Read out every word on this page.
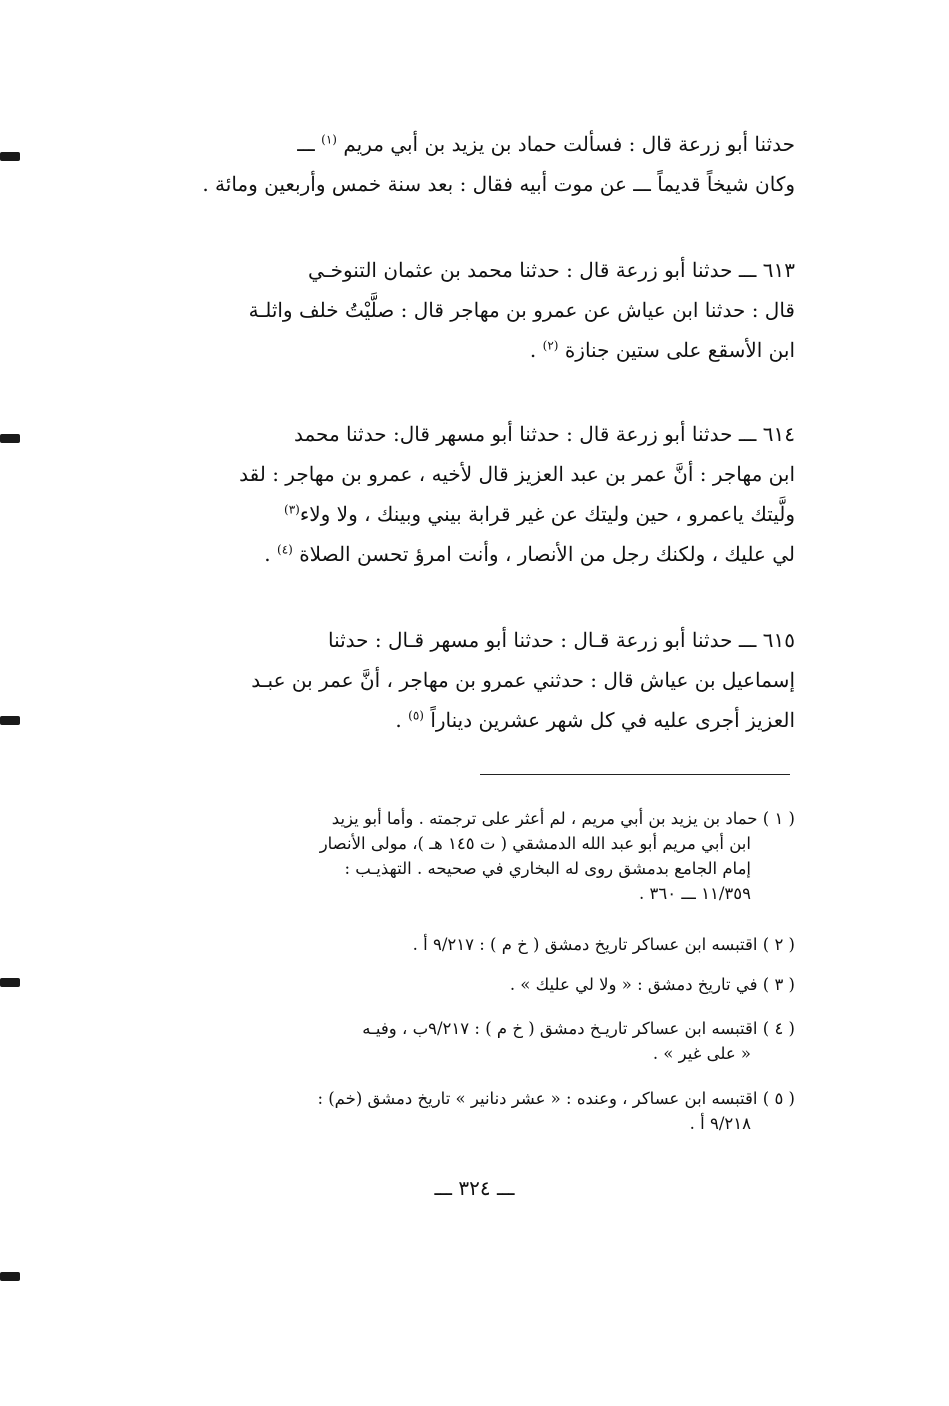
حدثنا أبو زرعة قال : فسألت حماد بن يزيد بن أبي مريم $^{(١)}$ ـــ
وكان شيخاً قديماً ـــ عن موت أبيه فقال : بعد سنة خمس وأربعين ومائة .
٦١٣ ـــ حدثنا أبو زرعة قال : حدثنا محمد بن عثمان التنوخـي
قال : حدثنا ابن عياش عن عمرو بن مهاجر قال : صلَّيْتُ خلف واثلـة
ابن الأسقع على ستين جنازة $^{(٢)}$ .
٦١٤ ـــ حدثنا أبو زرعة قال : حدثنا أبو مسهر قال: حدثنا محمد
ابن مهاجر : أنَّ عمر بن عبد العزيز قال لأخيه ، عمرو بن مهاجر : لقد
ولَّيتك ياعمرو ، حين وليتك عن غير قرابة بيني وبينك ، ولا ولاء$^{(٣)}$
لي عليك ، ولكنك رجل من الأنصار ، وأنت امرؤ تحسن الصلاة $^{(٤)}$ .
٦١٥ ـــ حدثنا أبو زرعة قـال : حدثنا أبو مسهر قـال : حدثنا
إسماعيل بن عياش قال : حدثني عمرو بن مهاجر ، أنَّ عمر بن عبـد
العزيز أجرى عليه في كل شهر عشرين ديناراً $^{(٥)}$ .
( ١ ) حماد بن يزيد بن أبي مريم ، لم أعثر على ترجمته . وأما أبو يزيد
ابن أبي مريم أبو عبد الله الدمشقي ( ت ١٤٥ هـ )، مولى الأنصار
إمام الجامع بدمشق روى له البخاري في صحيحه . التهذيـب :
١١/٣٥٩ ـــ ٣٦٠ .
( ٢ ) اقتبسه ابن عساكر تاريخ دمشق ( خ م ) : ٩/٢١٧ أ .
( ٣ ) في تاريخ دمشق : « ولا لي عليك » .
( ٤ ) اقتبسه ابن عساكر تاريـخ دمشق ( خ م ) : ٩/٢١٧ب ، وفيـه
« على غير » .
( ٥ ) اقتبسه ابن عساكر ، وعنده : « عشر دنانير » تاريخ دمشق (خم) :
٩/٢١٨ أ .
ـــ ٣٢٤ ـــ
